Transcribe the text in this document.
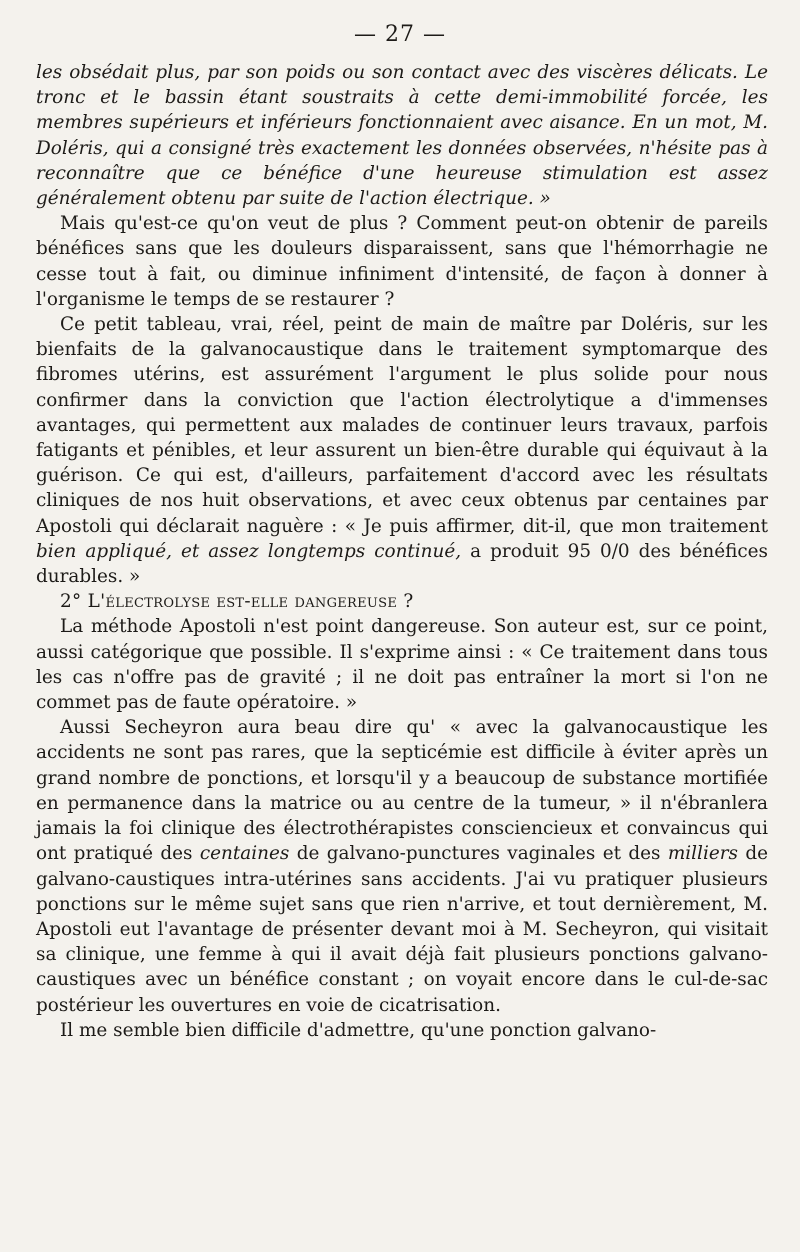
— 27 —

les obsédait plus, par son poids ou son contact avec des viscères délicats. Le tronc et le bassin étant soustraits à cette demi-immobilité forcée, les membres supérieurs et inférieurs fonctionnaient avec aisance. En un mot, M. Doléris, qui a consigné très exactement les données observées, n'hésite pas à reconnaître que ce bénéfice d'une heureuse stimulation est assez généralement obtenu par suite de l'action électrique. »

Mais qu'est-ce qu'on veut de plus ? Comment peut-on obtenir de pareils bénéfices sans que les douleurs disparaissent, sans que l'hémorrhagie ne cesse tout à fait, ou diminue infiniment d'intensité, de façon à donner à l'organisme le temps de se restaurer ?

Ce petit tableau, vrai, réel, peint de main de maître par Doléris, sur les bienfaits de la galvanocaustique dans le traitement symptomarque des fibromes utérins, est assurément l'argument le plus solide pour nous confirmer dans la conviction que l'action électrolytique a d'immenses avantages, qui permettent aux malades de continuer leurs travaux, parfois fatigants et pénibles, et leur assurent un bien-être durable qui équivaut à la guérison. Ce qui est, d'ailleurs, parfaitement d'accord avec les résultats cliniques de nos huit observations, et avec ceux obtenus par centaines par Apostoli qui déclarait naguère : « Je puis affirmer, dit-il, que mon traitement bien appliqué, et assez longtemps continué, a produit 95 0/0 des bénéfices durables. »

2° L'électrolyse est-elle dangereuse ?

La méthode Apostoli n'est point dangereuse. Son auteur est, sur ce point, aussi catégorique que possible. Il s'exprime ainsi : « Ce traitement dans tous les cas n'offre pas de gravité ; il ne doit pas entraîner la mort si l'on ne commet pas de faute opératoire. »

Aussi Secheyron aura beau dire qu' « avec la galvanocaustique les accidents ne sont pas rares, que la septicémie est difficile à éviter après un grand nombre de ponctions, et lorsqu'il y a beaucoup de substance mortifiée en permanence dans la matrice ou au centre de la tumeur, » il n'ébranlera jamais la foi clinique des électrothérapistes consciencieux et convaincus qui ont pratiqué des centaines de galvano-punctures vaginales et des milliers de galvano-caustiques intra-utérines sans accidents. J'ai vu pratiquer plusieurs ponctions sur le même sujet sans que rien n'arrive, et tout dernièrement, M. Apostoli eut l'avantage de présenter devant moi à M. Secheyron, qui visitait sa clinique, une femme à qui il avait déjà fait plusieurs ponctions galvano-caustiques avec un bénéfice constant ; on voyait encore dans le cul-de-sac postérieur les ouvertures en voie de cicatrisation.

Il me semble bien difficile d'admettre, qu'une ponction galvano-
